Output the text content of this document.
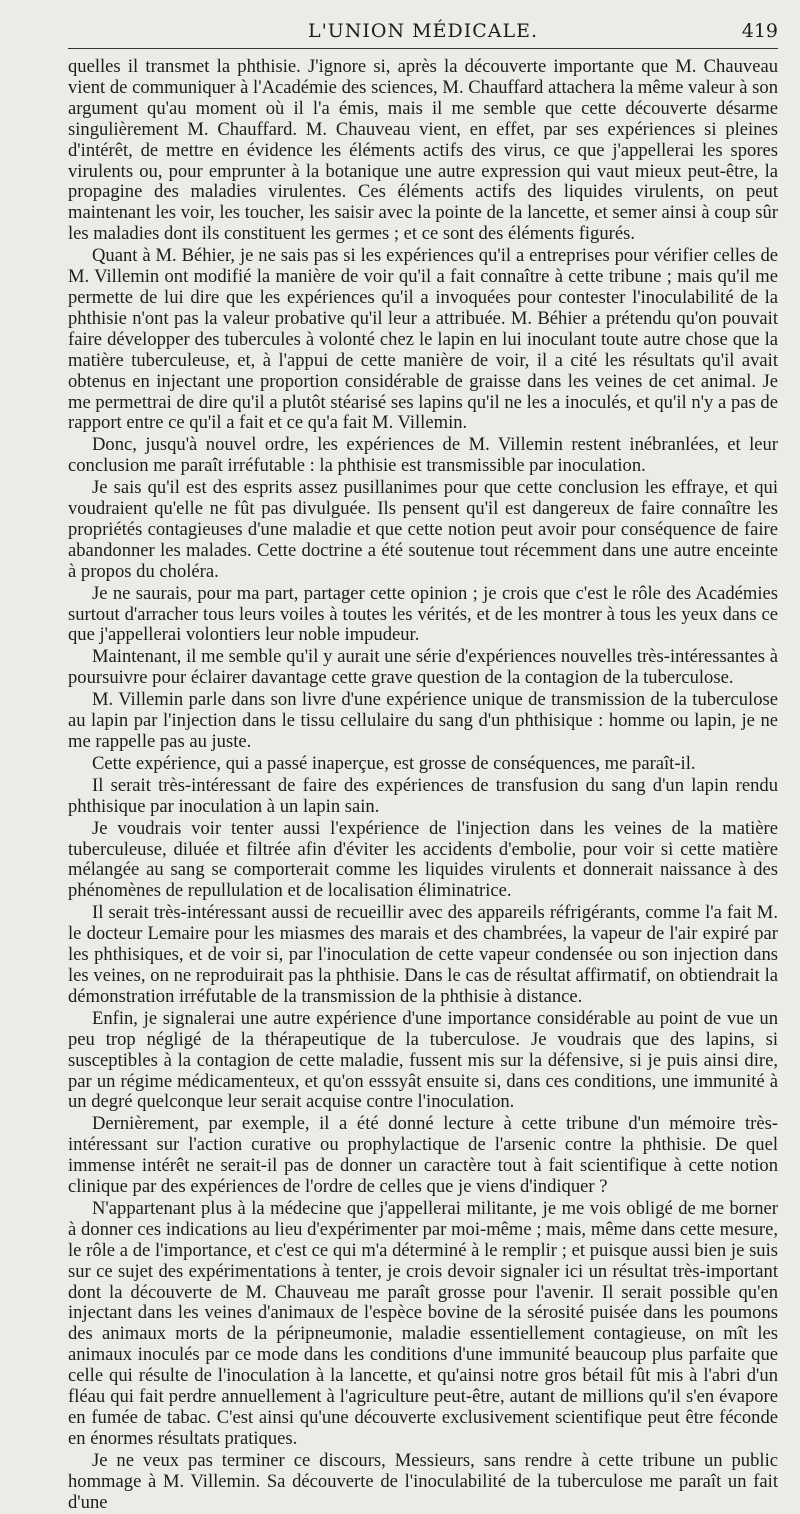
L'UNION MÉDICALE.	419

quelles il transmet la phthisie. J'ignore si, après la découverte importante que M. Chauveau vient de communiquer à l'Académie des sciences, M. Chauffard attachera la même valeur à son argument qu'au moment où il l'a émis, mais il me semble que cette découverte désarme singulièrement M. Chauffard. M. Chauveau vient, en effet, par ses expériences si pleines d'intérêt, de mettre en évidence les éléments actifs des virus, ce que j'appellerai les spores virulents ou, pour emprunter à la botanique une autre expression qui vaut mieux peut-être, la propagine des maladies virulentes. Ces éléments actifs des liquides virulents, on peut maintenant les voir, les toucher, les saisir avec la pointe de la lancette, et semer ainsi à coup sûr les maladies dont ils constituent les germes ; et ce sont des éléments figurés.

Quant à M. Béhier, je ne sais pas si les expériences qu'il a entreprises pour vérifier celles de M. Villemin ont modifié la manière de voir qu'il a fait connaître à cette tribune ; mais qu'il me permette de lui dire que les expériences qu'il a invoquées pour contester l'inoculabilité de la phthisie n'ont pas la valeur probative qu'il leur a attribuée. M. Béhier a prétendu qu'on pouvait faire développer des tubercules à volonté chez le lapin en lui inoculant toute autre chose que la matière tuberculeuse, et, à l'appui de cette manière de voir, il a cité les résultats qu'il avait obtenus en injectant une proportion considérable de graisse dans les veines de cet animal. Je me permettrai de dire qu'il a plutôt stéarisé ses lapins qu'il ne les a inoculés, et qu'il n'y a pas de rapport entre ce qu'il a fait et ce qu'a fait M. Villemin.

Donc, jusqu'à nouvel ordre, les expériences de M. Villemin restent inébranlées, et leur conclusion me paraît irréfutable : la phthisie est transmissible par inoculation.

Je sais qu'il est des esprits assez pusillanimes pour que cette conclusion les effraye, et qui voudraient qu'elle ne fût pas divulguée. Ils pensent qu'il est dangereux de faire connaître les propriétés contagieuses d'une maladie et que cette notion peut avoir pour conséquence de faire abandonner les malades. Cette doctrine a été soutenue tout récemment dans une autre enceinte à propos du choléra.

Je ne saurais, pour ma part, partager cette opinion ; je crois que c'est le rôle des Académies surtout d'arracher tous leurs voiles à toutes les vérités, et de les montrer à tous les yeux dans ce que j'appellerai volontiers leur noble impudeur.

Maintenant, il me semble qu'il y aurait une série d'expériences nouvelles très-intéressantes à poursuivre pour éclairer davantage cette grave question de la contagion de la tuberculose.

M. Villemin parle dans son livre d'une expérience unique de transmission de la tuberculose au lapin par l'injection dans le tissu cellulaire du sang d'un phthisique : homme ou lapin, je ne me rappelle pas au juste.

Cette expérience, qui a passé inaperçue, est grosse de conséquences, me paraît-il.

Il serait très-intéressant de faire des expériences de transfusion du sang d'un lapin rendu phthisique par inoculation à un lapin sain.

Je voudrais voir tenter aussi l'expérience de l'injection dans les veines de la matière tuberculeuse, diluée et filtrée afin d'éviter les accidents d'embolie, pour voir si cette matière mélangée au sang se comporterait comme les liquides virulents et donnerait naissance à des phénomènes de repullulation et de localisation éliminatrice.

Il serait très-intéressant aussi de recueillir avec des appareils réfrigérants, comme l'a fait M. le docteur Lemaire pour les miasmes des marais et des chambrées, la vapeur de l'air expiré par les phthisiques, et de voir si, par l'inoculation de cette vapeur condensée ou son injection dans les veines, on ne reproduirait pas la phthisie. Dans le cas de résultat affirmatif, on obtiendrait la démonstration irréfutable de la transmission de la phthisie à distance.

Enfin, je signalerai une autre expérience d'une importance considérable au point de vue un peu trop négligé de la thérapeutique de la tuberculose. Je voudrais que des lapins, si susceptibles à la contagion de cette maladie, fussent mis sur la défensive, si je puis ainsi dire, par un régime médicamenteux, et qu'on esssyât ensuite si, dans ces conditions, une immunité à un degré quelconque leur serait acquise contre l'inoculation.

Dernièrement, par exemple, il a été donné lecture à cette tribune d'un mémoire très-intéressant sur l'action curative ou prophylactique de l'arsenic contre la phthisie. De quel immense intérêt ne serait-il pas de donner un caractère tout à fait scientifique à cette notion clinique par des expériences de l'ordre de celles que je viens d'indiquer ?

N'appartenant plus à la médecine que j'appellerai militante, je me vois obligé de me borner à donner ces indications au lieu d'expérimenter par moi-même ; mais, même dans cette mesure, le rôle a de l'importance, et c'est ce qui m'a déterminé à le remplir ; et puisque aussi bien je suis sur ce sujet des expérimentations à tenter, je crois devoir signaler ici un résultat très-important dont la découverte de M. Chauveau me paraît grosse pour l'avenir. Il serait possible qu'en injectant dans les veines d'animaux de l'espèce bovine de la sérosité puisée dans les poumons des animaux morts de la péripneumonie, maladie essentiellement contagieuse, on mît les animaux inoculés par ce mode dans les conditions d'une immunité beaucoup plus parfaite que celle qui résulte de l'inoculation à la lancette, et qu'ainsi notre gros bétail fût mis à l'abri d'un fléau qui fait perdre annuellement à l'agriculture peut-être, autant de millions qu'il s'en évapore en fumée de tabac. C'est ainsi qu'une découverte exclusivement scientifique peut être féconde en énormes résultats pratiques.

Je ne veux pas terminer ce discours, Messieurs, sans rendre à cette tribune un public hommage à M. Villemin. Sa découverte de l'inoculabilité de la tuberculose me paraît un fait d'une
